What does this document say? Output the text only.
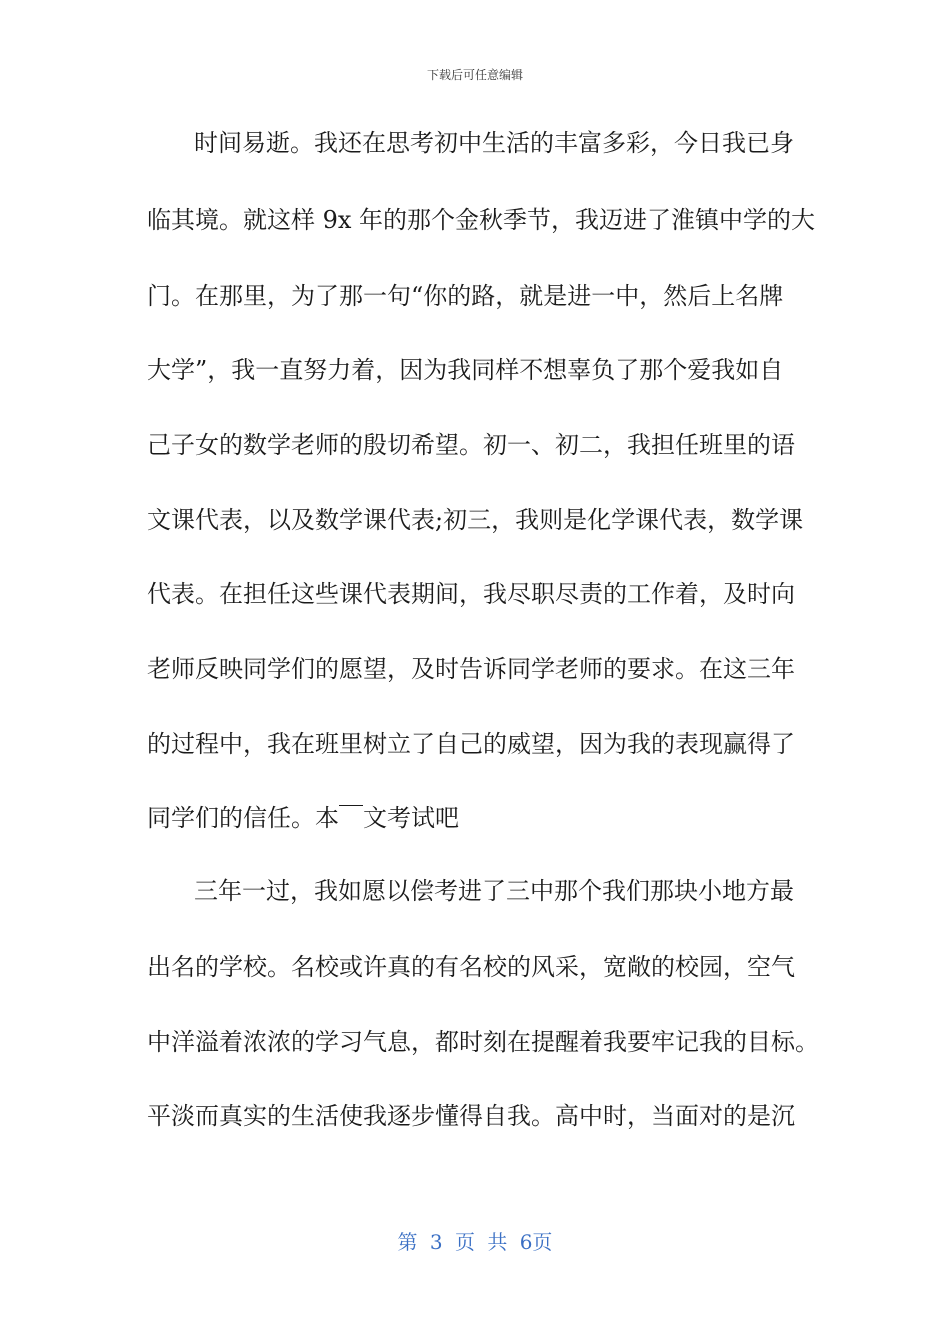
下载后可任意编辑
时间易逝。我还在思考初中生活的丰富多彩，今日我已身
临其境。就这样 9x 年的那个金秋季节，我迈进了淮镇中学的大
门。在那里，为了那一句“你的路，就是进一中，然后上名牌
大学”，我一直努力着，因为我同样不想辜负了那个爱我如自
己子女的数学老师的殷切希望。初一、初二，我担任班里的语
文课代表，以及数学课代表;初三，我则是化学课代表，数学课
代表。在担任这些课代表期间，我尽职尽责的工作着，及时向
老师反映同学们的愿望，及时告诉同学老师的要求。在这三年
的过程中，我在班里树立了自己的威望，因为我的表现赢得了
同学们的信任。本￣文考试吧
三年一过，我如愿以偿考进了三中那个我们那块小地方最
出名的学校。名校或许真的有名校的风采，宽敞的校园，空气
中洋溢着浓浓的学习气息，都时刻在提醒着我要牢记我的目标。
平淡而真实的生活使我逐步懂得自我。高中时，当面对的是沉
第 3 页 共 6页
